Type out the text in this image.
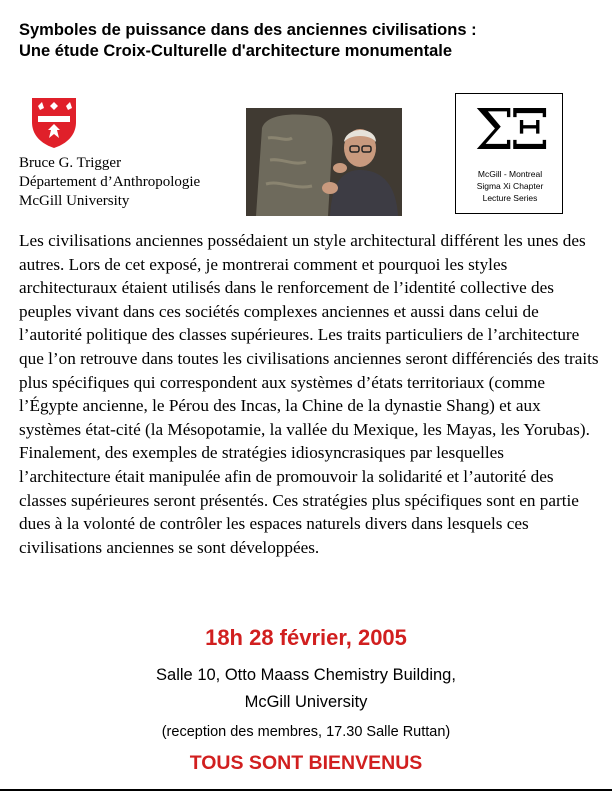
Symboles de puissance dans des anciennes civilisations :
Une étude Croix-Culturelle d'architecture monumentale
Bruce G. Trigger
Département d’Anthropologie
McGill University
ΣΞ
McGill - Montreal
Sigma Xi Chapter
Lecture Series

Les civilisations anciennes possédaient un style architectural différent les unes des autres. Lors de cet exposé, je montrerai comment et pourquoi les styles architecturaux étaient utilisés dans le renforcement de l’identité collective des peuples vivant dans ces sociétés complexes anciennes et aussi dans celui de l’autorité politique des classes supérieures. Les traits particuliers de l’architecture que l’on retrouve dans toutes les civilisations anciennes seront différenciés des traits plus spécifiques qui correspondent aux systèmes d’états territoriaux (comme l’Égypte ancienne, le Pérou des Incas, la Chine de la dynastie Shang) et aux systèmes état-cité (la Mésopotamie, la vallée du Mexique, les Mayas, les Yorubas). Finalement, des exemples de stratégies idiosyncrasiques par lesquelles l’architecture était manipulée afin de promouvoir la solidarité et l’autorité des classes supérieures seront présentés. Ces stratégies plus spécifiques sont en partie dues à la volonté de contrôler les espaces naturels divers dans lesquels ces civilisations anciennes se sont développées.

18h 28 février, 2005
Salle 10, Otto Maass Chemistry Building,
McGill University
(reception des membres, 17.30 Salle Ruttan)
TOUS SONT BIENVENUS
